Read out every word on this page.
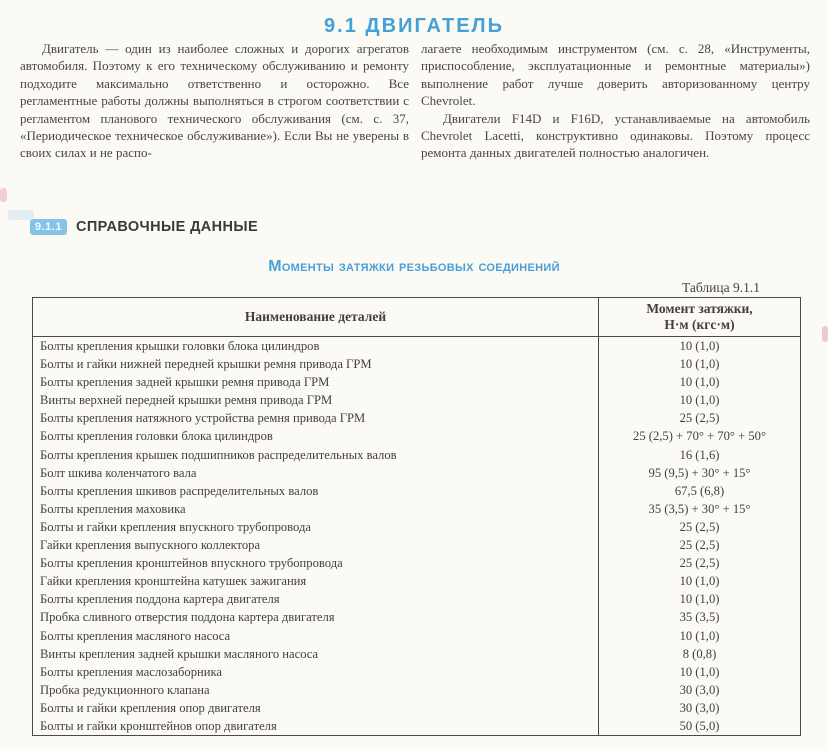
9.1 ДВИГАТЕЛЬ

Двигатель — один из наиболее сложных и дорогих агрегатов автомобиля. Поэтому к его техническому обслуживанию и ремонту подходите максимально ответственно и осторожно. Все регламентные работы должны выполняться в строгом соответствии с регламентом планового технического обслуживания (см. с. 37, «Периодическое техническое обслуживание»). Если Вы не уверены в своих силах и не распо-

лагаете необходимым инструментом (см. с. 28, «Инструменты, приспособление, эксплуатационные и ремонтные материалы») выполнение работ лучше доверить авторизованному центру Chevrolet.

Двигатели F14D и F16D, устанавливаемые на автомобиль Chevrolet Lacetti, конструктивно одинаковы. Поэтому процесс ремонта данных двигателей полностью аналогичен.

9.1.1 СПРАВОЧНЫЕ ДАННЫЕ
Моменты затяжки резьбовых соединений
Таблица 9.1.1
Наименование деталей	Момент затяжки,
Н·м (кгс·м)

Болты крепления крышки головки блока цилиндров	10 (1,0)
Болты и гайки нижней передней крышки ремня привода ГРМ	10 (1,0)
Болты крепления задней крышки ремня привода ГРМ	10 (1,0)
Винты верхней передней крышки ремня привода ГРМ	10 (1,0)
Болты крепления натяжного устройства ремня привода ГРМ	25 (2,5)
Болты крепления головки блока цилиндров	25 (2,5) + 70° + 70° + 50°
Болты крепления крышек подшипников распределительных валов	16 (1,6)
Болт шкива коленчатого вала	95 (9,5) + 30° + 15°
Болты крепления шкивов распределительных валов	67,5 (6,8)
Болты крепления маховика	35 (3,5) + 30° + 15°
Болты и гайки крепления впускного трубопровода	25 (2,5)
Гайки крепления выпускного коллектора	25 (2,5)
Болты крепления кронштейнов впускного трубопровода	25 (2,5)
Гайки крепления кронштейна катушек зажигания	10 (1,0)
Болты крепления поддона картера двигателя	10 (1,0)
Пробка сливного отверстия поддона картера двигателя	35 (3,5)
Болты крепления масляного насоса	10 (1,0)
Винты крепления задней крышки масляного насоса	8 (0,8)
Болты крепления маслозаборника	10 (1,0)
Пробка редукционного клапана	30 (3,0)
Болты и гайки крепления опор двигателя	30 (3,0)
Болты и гайки кронштейнов опор двигателя	50 (5,0)
